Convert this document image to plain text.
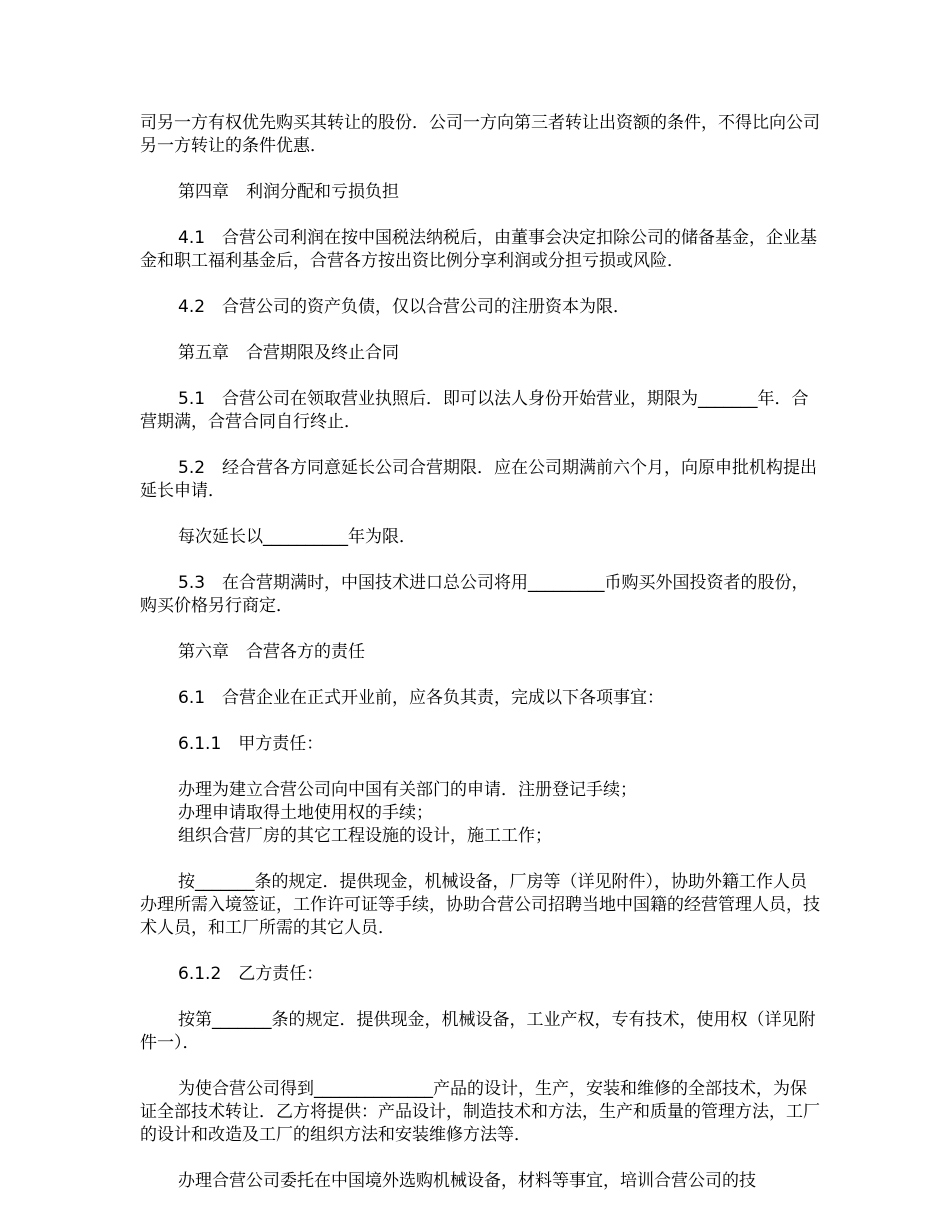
司另一方有权优先购买其转让的股份．公司一方向第三者转让出资额的条件，不得比向公司另一方转让的条件优惠．

第四章　利润分配和亏损负担

4.1　合营公司利润在按中国税法纳税后，由董事会决定扣除公司的储备基金，企业基金和职工福利基金后，合营各方按出资比例分享利润或分担亏损或风险．

4.2　合营公司的资产负债，仅以合营公司的注册资本为限．

第五章　合营期限及终止合同

5.1　合营公司在领取营业执照后．即可以法人身份开始营业，期限为_______年．合营期满，合营合同自行终止．

5.2　经合营各方同意延长公司合营期限．应在公司期满前六个月，向原申批机构提出延长申请．

每次延长以__________年为限．

5.3　在合营期满时，中国技术进口总公司将用_________币购买外国投资者的股份，购买价格另行商定．

第六章　合营各方的责任

6.1　合营企业在正式开业前，应各负其责，完成以下各项事宜：

6.1.1　甲方责任：

办理为建立合营公司向中国有关部门的申请．注册登记手续；

办理申请取得土地使用权的手续；

组织合营厂房的其它工程设施的设计，施工工作；

按_______条的规定．提供现金，机械设备，厂房等（详见附件），协助外籍工作人员办理所需入境签证，工作许可证等手续，协助合营公司招聘当地中国籍的经营管理人员，技术人员，和工厂所需的其它人员．

6.1.2　乙方责任：

按第_______条的规定．提供现金，机械设备，工业产权，专有技术，使用权（详见附件一）．

为使合营公司得到______________产品的设计，生产，安装和维修的全部技术，为保证全部技术转让．乙方将提供：产品设计，制造技术和方法，生产和质量的管理方法，工厂的设计和改造及工厂的组织方法和安装维修方法等．

办理合营公司委托在中国境外选购机械设备，材料等事宜，培训合营公司的技
